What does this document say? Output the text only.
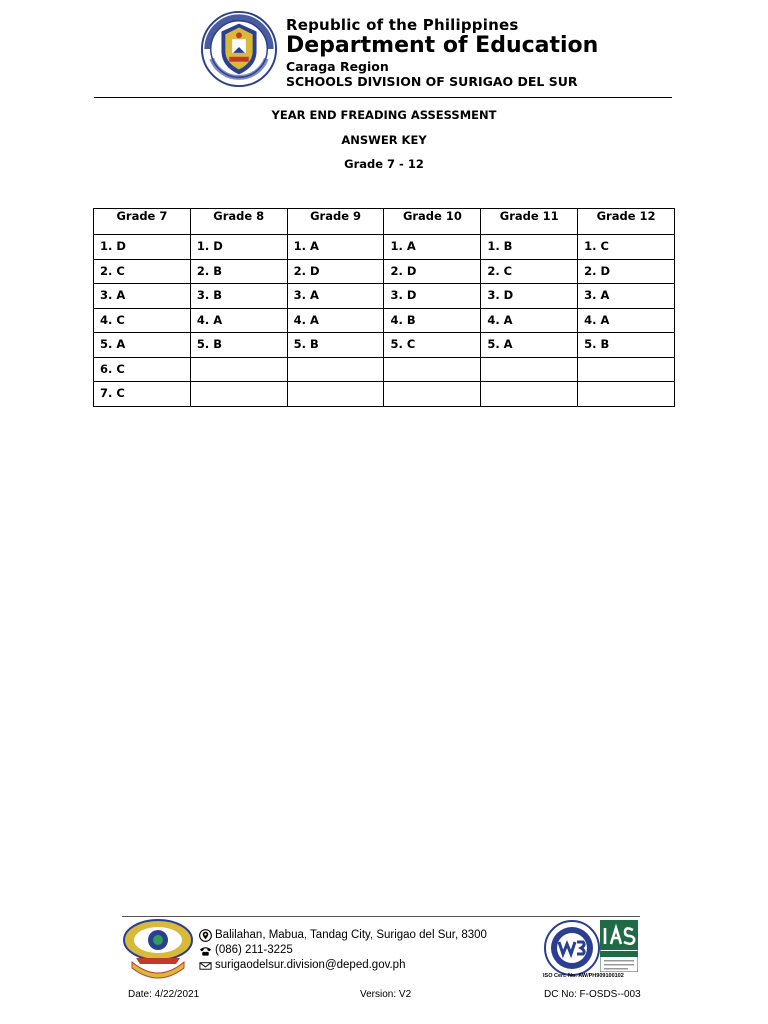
Republic of the Philippines
Department of Education
Caraga Region
SCHOOLS DIVISION OF SURIGAO DEL SUR
YEAR END FREADING ASSESSMENT
ANSWER KEY
Grade 7 - 12
Grade 7	Grade 8	Grade 9	Grade 10	Grade 11	Grade 12
1. D	1. D	1. A	1. A	1. B	1. C
2. C	2. B	2. D	2. D	2. C	2. D
3. A	3. B	3. A	3. D	3. D	3. A
4. C	4. A	4. A	4. B	4. A	4. A
5. A	5. B	5. B	5. C	5. A	5. B
6. C					
7. C					
Balilahan, Mabua, Tandag City, Surigao del Sur, 8300
(086) 211-3225
surigaodelsur.division@deped.gov.ph
ISO Cert. No. AW/PH909100102
Date: 4/22/2021	Version: V2	DC No: F-OSDS--003
